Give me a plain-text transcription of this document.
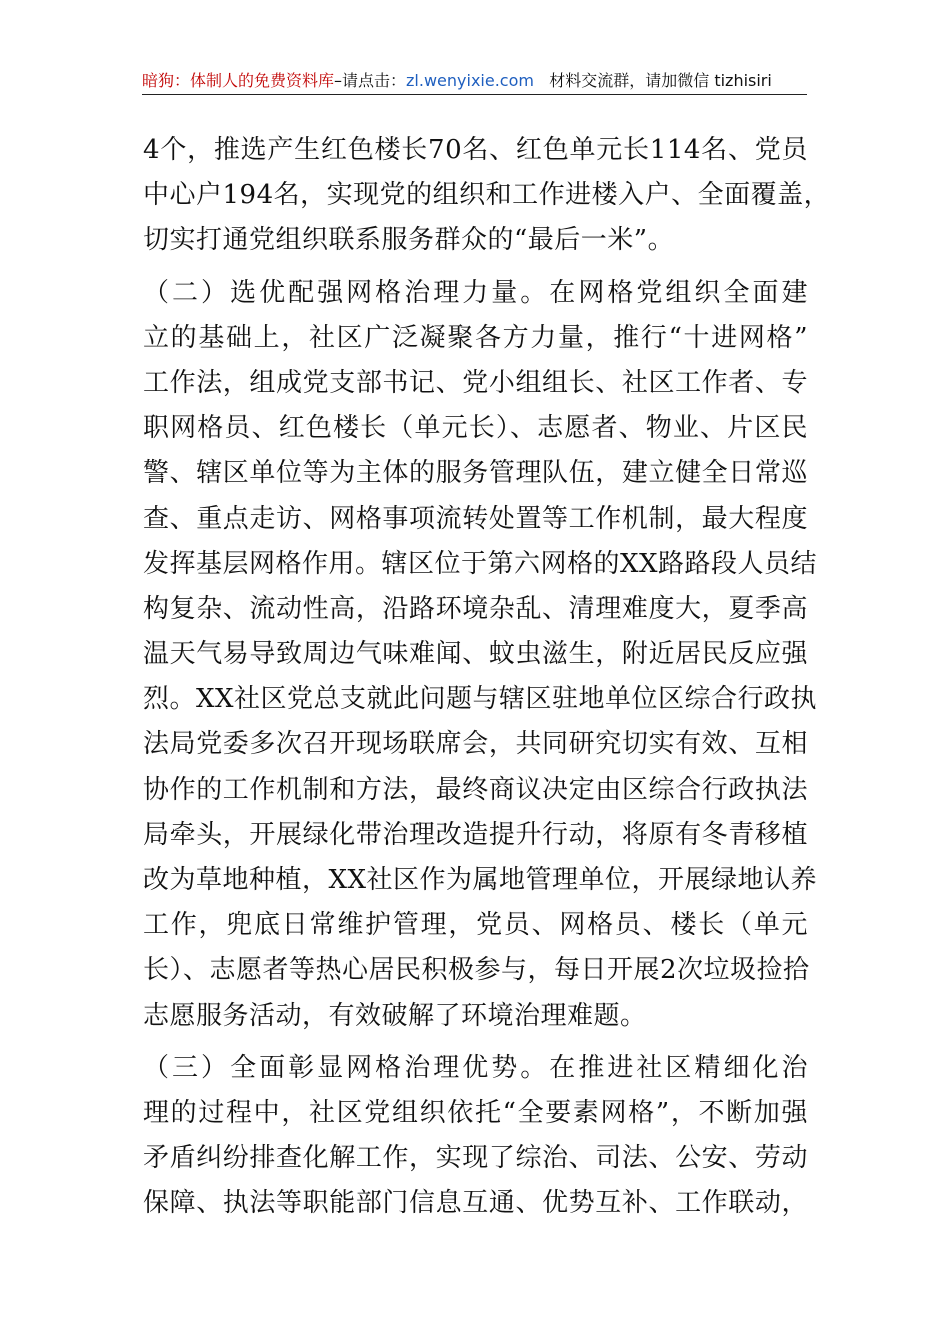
暗狗：体制人的免费资料库–请点击：zl.wenyixie.com 材料交流群，请加微信 tizhisiri
4个，推选产生红色楼长70名、红色单元长114名、党员
中心户194名，实现党的组织和工作进楼入户、全面覆盖，
切实打通党组织联系服务群众的“最后一米”。
（二）选优配强网格治理力量。在网格党组织全面建
立的基础上，社区广泛凝聚各方力量，推行“十进网格”
工作法，组成党支部书记、党小组组长、社区工作者、专
职网格员、红色楼长（单元长）、志愿者、物业、片区民
警、辖区单位等为主体的服务管理队伍，建立健全日常巡
查、重点走访、网格事项流转处置等工作机制，最大程度
发挥基层网格作用。辖区位于第六网格的XX路路段人员结
构复杂、流动性高，沿路环境杂乱、清理难度大，夏季高
温天气易导致周边气味难闻、蚊虫滋生，附近居民反应强
烈。XX社区党总支就此问题与辖区驻地单位区综合行政执
法局党委多次召开现场联席会，共同研究切实有效、互相
协作的工作机制和方法，最终商议决定由区综合行政执法
局牵头，开展绿化带治理改造提升行动，将原有冬青移植
改为草地种植，XX社区作为属地管理单位，开展绿地认养
工作，兜底日常维护管理，党员、网格员、楼长（单元
长）、志愿者等热心居民积极参与，每日开展2次垃圾捡拾
志愿服务活动，有效破解了环境治理难题。
（三）全面彰显网格治理优势。在推进社区精细化治
理的过程中，社区党组织依托“全要素网格”，不断加强
矛盾纠纷排查化解工作，实现了综治、司法、公安、劳动
保障、执法等职能部门信息互通、优势互补、工作联动，
